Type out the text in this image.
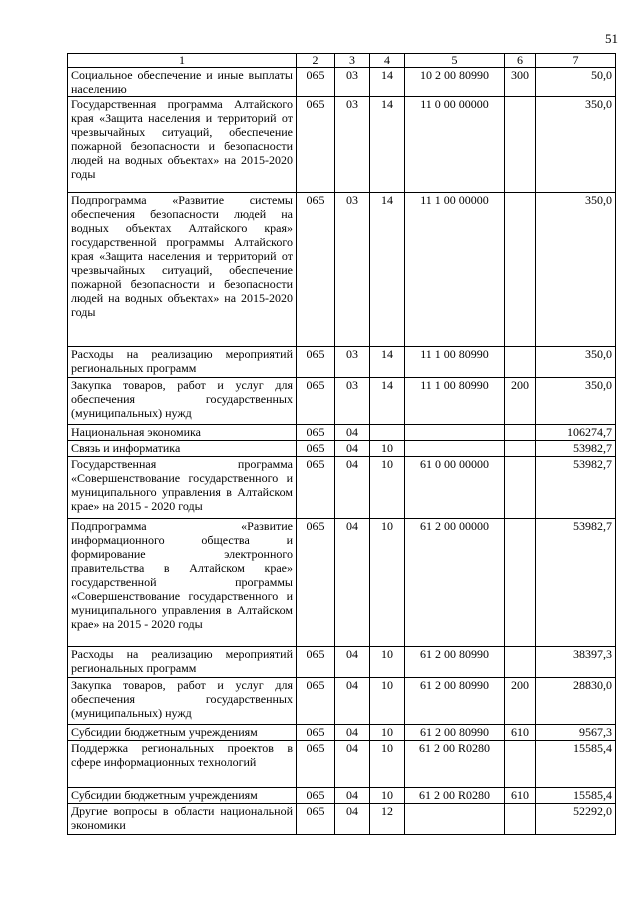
51
1	2	3	4	5	6	7
Социальное обеспечение и иные выплаты населению	065	03	14	10 2 00 80990	300	50,0
Государственная программа Алтайского края «Защита населения и территорий от чрезвычайных ситуаций, обеспечение пожарной безопасности и безопасности людей на водных объектах» на 2015-2020 годы	065	03	14	11 0 00 00000		350,0
Подпрограмма «Развитие системы обеспечения безопасности людей на водных объектах Алтайского края» государственной программы Алтайского края «Защита населения и территорий от чрезвычайных ситуаций, обеспечение пожарной безопасности и безопасности людей на водных объектах» на 2015-2020 годы	065	03	14	11 1 00 00000		350,0
Расходы на реализацию мероприятий региональных программ	065	03	14	11 1 00 80990		350,0
Закупка товаров, работ и услуг для обеспечения государственных (муниципальных) нужд	065	03	14	11 1 00 80990	200	350,0
Национальная экономика	065	04				106274,7
Связь и информатика	065	04	10			53982,7
Государственная программа «Совершенствование государственного и муниципального управления в Алтайском крае» на 2015 - 2020 годы	065	04	10	61 0 00 00000		53982,7
Подпрограмма «Развитие информационного общества и формирование электронного правительства в Алтайском крае» государственной программы «Совершенствование государственного и муниципального управления в Алтайском крае» на 2015 - 2020 годы	065	04	10	61 2 00 00000		53982,7
Расходы на реализацию мероприятий региональных программ	065	04	10	61 2 00 80990		38397,3
Закупка товаров, работ и услуг для обеспечения государственных (муниципальных) нужд	065	04	10	61 2 00 80990	200	28830,0
Субсидии бюджетным учреждениям	065	04	10	61 2 00 80990	610	9567,3
Поддержка региональных проектов в сфере информационных технологий	065	04	10	61 2 00 R0280		15585,4
Субсидии бюджетным учреждениям	065	04	10	61 2 00 R0280	610	15585,4
Другие вопросы в области национальной экономики	065	04	12			52292,0
